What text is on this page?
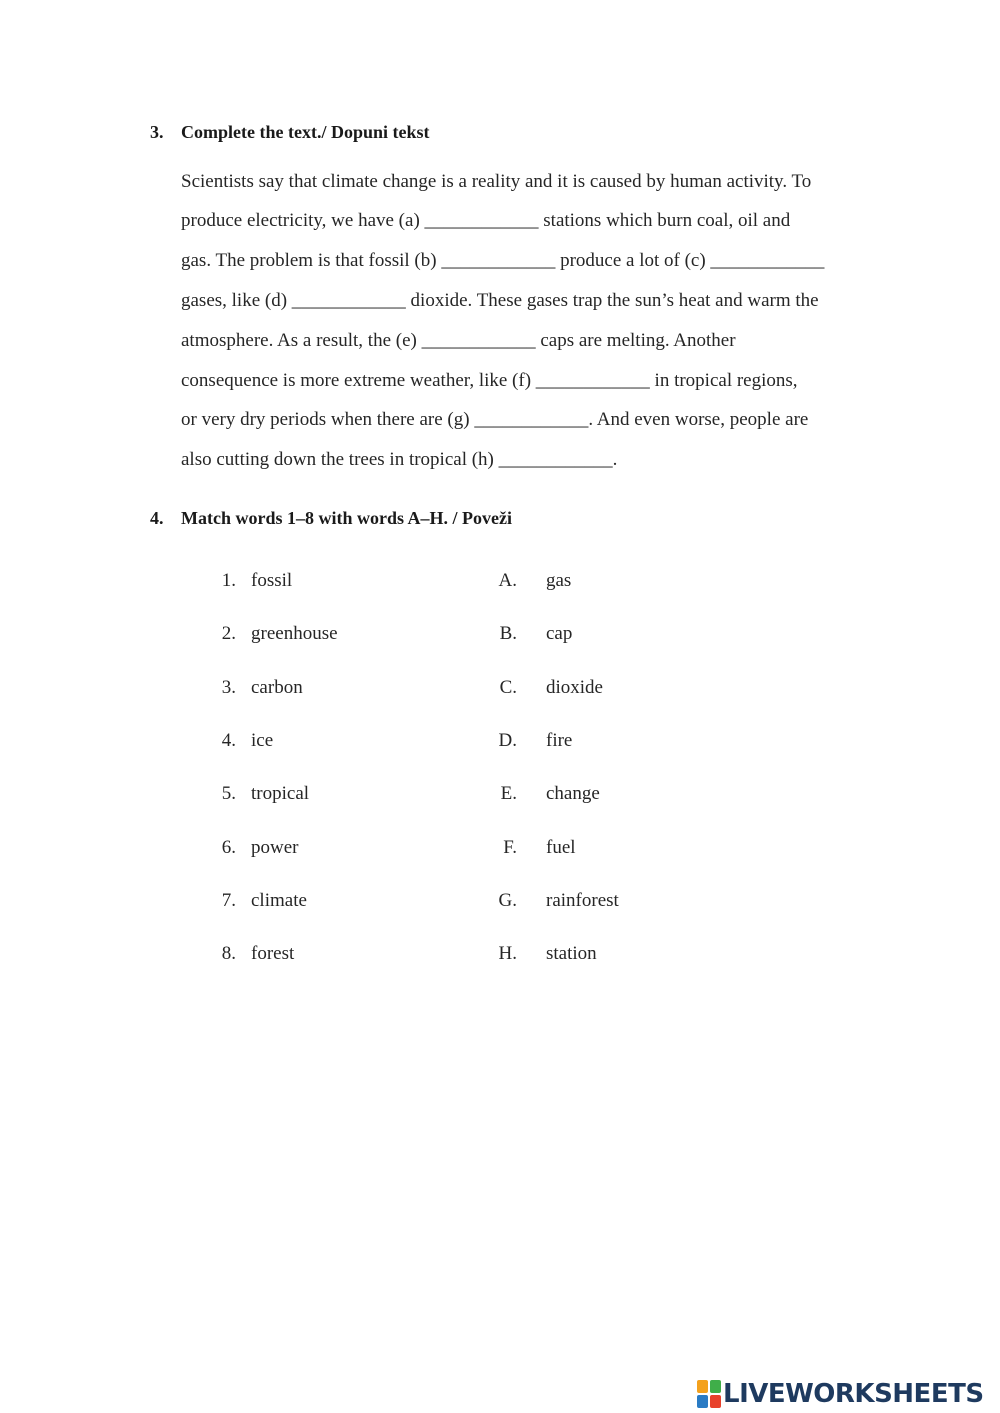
3. Complete the text./ Dopuni tekst
Scientists say that climate change is a reality and it is caused by human activity. To
produce electricity, we have (a) ____________ stations which burn coal, oil and
gas. The problem is that fossil (b) ____________ produce a lot of (c) ____________
gases, like (d) ____________ dioxide. These gases trap the sun’s heat and warm the
atmosphere. As a result, the (e) ____________ caps are melting. Another
consequence is more extreme weather, like (f) ____________ in tropical regions,
or very dry periods when there are (g) ____________. And even worse, people are
also cutting down the trees in tropical (h) ____________.
4. Match words 1–8 with words A–H. / Poveži
1. fossil
2. greenhouse
3. carbon
4. ice
5. tropical
6. power
7. climate
8. forest
A. gas
B. cap
C. dioxide
D. fire
E. change
F. fuel
G. rainforest
H. station
LIVEWORKSHEETS
